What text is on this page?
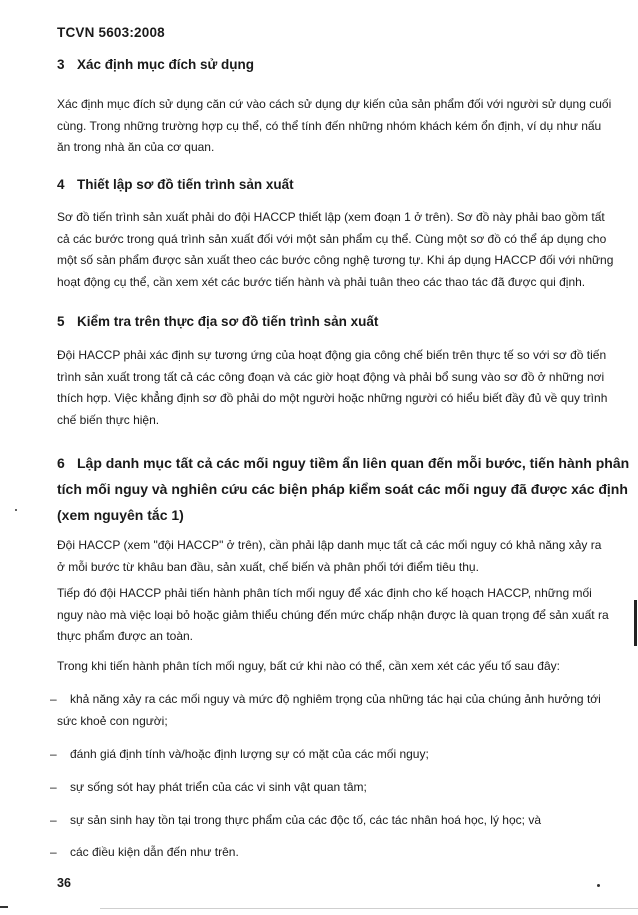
TCVN 5603:2008
3 Xác định mục đích sử dụng
Xác định mục đích sử dụng căn cứ vào cách sử dụng dự kiến của sản phẩm đối với người sử dụng cuối
cùng. Trong những trường hợp cụ thể, có thể tính đến những nhóm khách kém ổn định, ví dụ như nấu
ăn trong nhà ăn của cơ quan.
4 Thiết lập sơ đồ tiến trình sản xuất
Sơ đồ tiến trình sản xuất phải do đội HACCP thiết lập (xem đoạn 1 ở trên). Sơ đồ này phải bao gồm tất
cả các bước trong quá trình sản xuất đối với một sản phẩm cụ thể. Cùng một sơ đồ có thể áp dụng cho
một số sản phẩm được sản xuất theo các bước công nghệ tương tự. Khi áp dụng HACCP đối với những
hoạt động cụ thể, cần xem xét các bước tiến hành và phải tuân theo các thao tác đã được qui định.
5 Kiểm tra trên thực địa sơ đồ tiến trình sản xuất
Đội HACCP phải xác định sự tương ứng của hoạt động gia công chế biến trên thực tế so với sơ đồ tiến
trình sản xuất trong tất cả các công đoạn và các giờ hoạt động và phải bổ sung vào sơ đồ ở những nơi
thích hợp. Việc khẳng định sơ đồ phải do một người hoặc những người có hiểu biết đầy đủ về quy trình
chế biến thực hiện.
6 Lập danh mục tất cả các mối nguy tiềm ẩn liên quan đến mỗi bước, tiến hành phân
tích mối nguy và nghiên cứu các biện pháp kiểm soát các mối nguy đã được xác định
(xem nguyên tắc 1)
Đội HACCP (xem "đội HACCP" ở trên), cần phải lập danh mục tất cả các mối nguy có khả năng xảy ra
ở mỗi bước từ khâu ban đầu, sản xuất, chế biến và phân phối tới điểm tiêu thụ.
Tiếp đó đội HACCP phải tiến hành phân tích mối nguy để xác định cho kế hoạch HACCP, những mối
nguy nào mà việc loại bỏ hoặc giảm thiểu chúng đến mức chấp nhận được là quan trọng để sản xuất ra
thực phẩm được an toàn.
Trong khi tiến hành phân tích mối nguy, bất cứ khi nào có thể, cần xem xét các yếu tố sau đây:
– khả năng xảy ra các mối nguy và mức độ nghiêm trọng của những tác hại của chúng ảnh hưởng tới
sức khoẻ con người;
– đánh giá định tính và/hoặc định lượng sự có mặt của các mối nguy;
– sự sống sót hay phát triển của các vi sinh vật quan tâm;
– sự sản sinh hay tồn tại trong thực phẩm của các độc tố, các tác nhân hoá học, lý học; và
– các điều kiện dẫn đến như trên.
36
